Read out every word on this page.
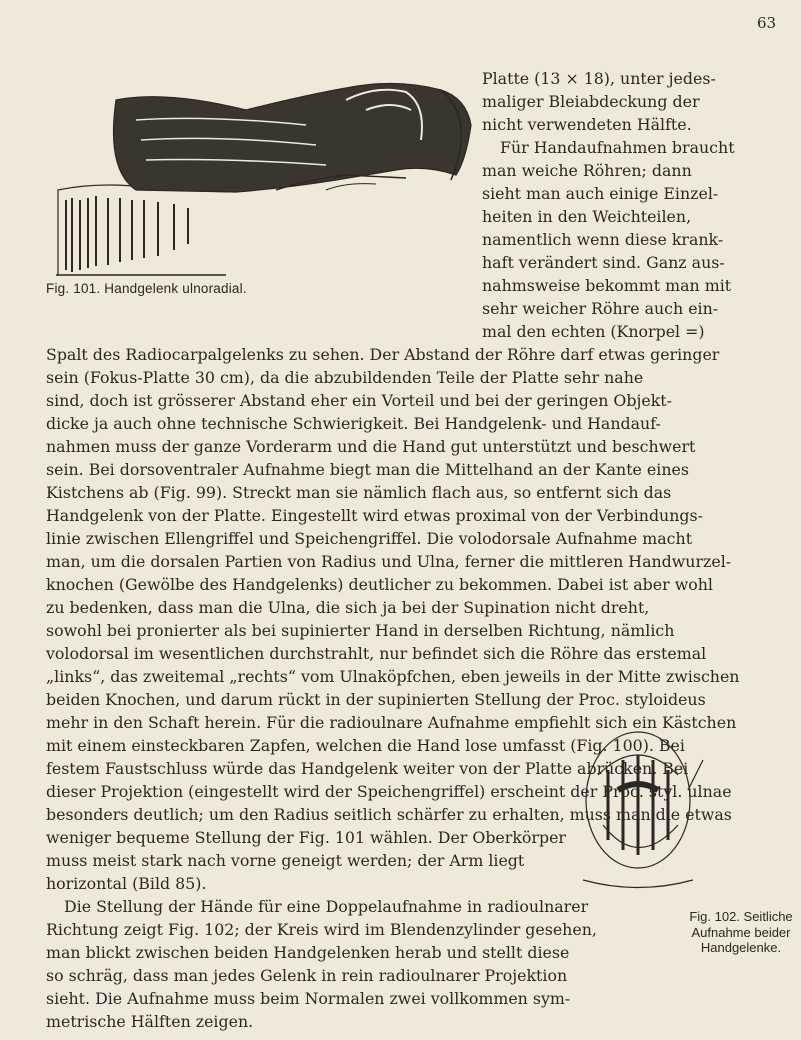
63
Fig. 101. Handgelenk ulnoradial.
Platte (13 × 18), unter jedes-
maliger Bleiabdeckung der
nicht verwendeten Hälfte.
Für Handaufnahmen braucht
man weiche Röhren; dann
sieht man auch einige Einzel-
heiten in den Weichteilen,
namentlich wenn diese krank-
haft verändert sind. Ganz aus-
nahmsweise bekommt man mit
sehr weicher Röhre auch ein-
mal den echten (Knorpel =)
Spalt des Radiocarpalgelenks zu sehen. Der Abstand der Röhre darf etwas geringer
sein (Fokus-Platte 30 cm), da die abzubildenden Teile der Platte sehr nahe
sind, doch ist grösserer Abstand eher ein Vorteil und bei der geringen Objekt-
dicke ja auch ohne technische Schwierigkeit. Bei Handgelenk- und Handauf-
nahmen muss der ganze Vorderarm und die Hand gut unterstützt und beschwert
sein. Bei dorsoventraler Aufnahme biegt man die Mittelhand an der Kante eines
Kistchens ab (Fig. 99). Streckt man sie nämlich flach aus, so entfernt sich das
Handgelenk von der Platte. Eingestellt wird etwas proximal von der Verbindungs-
linie zwischen Ellengriffel und Speichengriffel. Die volodorsale Aufnahme macht
man, um die dorsalen Partien von Radius und Ulna, ferner die mittleren Handwurzel-
knochen (Gewölbe des Handgelenks) deutlicher zu bekommen. Dabei ist aber wohl
zu bedenken, dass man die Ulna, die sich ja bei der Supination nicht dreht,
sowohl bei pronierter als bei supinierter Hand in derselben Richtung, nämlich
volodorsal im wesentlichen durchstrahlt, nur befindet sich die Röhre das erstemal
„links“, das zweitemal „rechts“ vom Ulnaköpfchen, eben jeweils in der Mitte zwischen
beiden Knochen, und darum rückt in der supinierten Stellung der Proc. styloideus
mehr in den Schaft herein. Für die radioulnare Aufnahme empfiehlt sich ein Kästchen
mit einem einsteckbaren Zapfen, welchen die Hand lose umfasst (Fig. 100). Bei
festem Faustschluss würde das Handgelenk weiter von der Platte abrücken. Bei
dieser Projektion (eingestellt wird der Speichengriffel) erscheint der Proc. styl. ulnae
besonders deutlich; um den Radius seitlich schärfer zu erhalten, muss man die etwas
weniger bequeme Stellung der Fig. 101 wählen. Der Oberkörper
muss meist stark nach vorne geneigt werden; der Arm liegt
horizontal (Bild 85).
Die Stellung der Hände für eine Doppelaufnahme in radioulnarer
Richtung zeigt Fig. 102; der Kreis wird im Blendenzylinder gesehen,
man blickt zwischen beiden Handgelenken herab und stellt diese
so schräg, dass man jedes Gelenk in rein radioulnarer Projektion
sieht. Die Aufnahme muss beim Normalen zwei vollkommen sym-
metrische Hälften zeigen.
Fig. 102. Seitliche
Aufnahme beider
Handgelenke.
